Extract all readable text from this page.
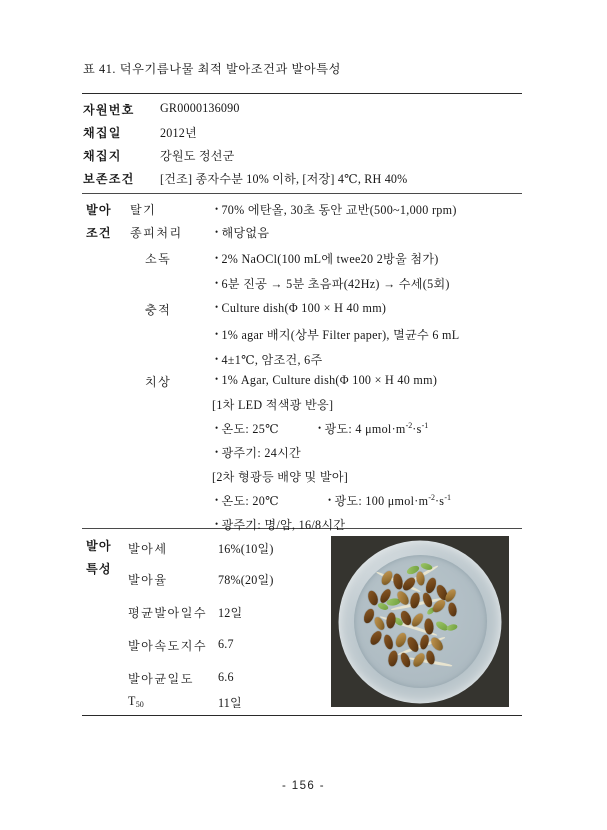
표 41. 덕우기름나물 최적 발아조건과 발아특성
자원번호 GR0000136090
채집일	2012년
채집지	강원도 정선군
보존조건 [건조] 종자수분 10% 이하, [저장] 4℃, RH 40%
발아
조건
탈기	• 70% 에탄올, 30초 동안 교반(500~1,000 rpm)
종피처리	• 해당없음
소독	• 2% NaOCl(100 mL에 twee20 2방울 첨가)
• 6분 진공 → 5분 초음파(42Hz) → 수세(5회)
충적	• Culture dish(Φ 100 × H 40 mm)
• 1% agar 배지(상부 Filter paper), 멸균수 6 mL
• 4±1℃, 암조건, 6주
치상	• 1% Agar, Culture dish(Φ 100 × H 40 mm)
[1차 LED 적색광 반응]
• 온도: 25℃	• 광도: 4 $\mu mol\cdot m^{-2}\cdot s^{-1}$
• 광주기: 24시간
[2차 형광등 배양 및 발아]
• 온도: 20℃	• 광도: 100 $\mu mol\cdot m^{-2}\cdot s^{-1}$
• 광주기: 명/암, 16/8시간
발아
특성
발아세	16%(10일)
발아율	78%(20일)
평균발아일수 12일
발아속도지수 6.7
발아균일도 6.6
$T_{50}$	11일
- 156 -
